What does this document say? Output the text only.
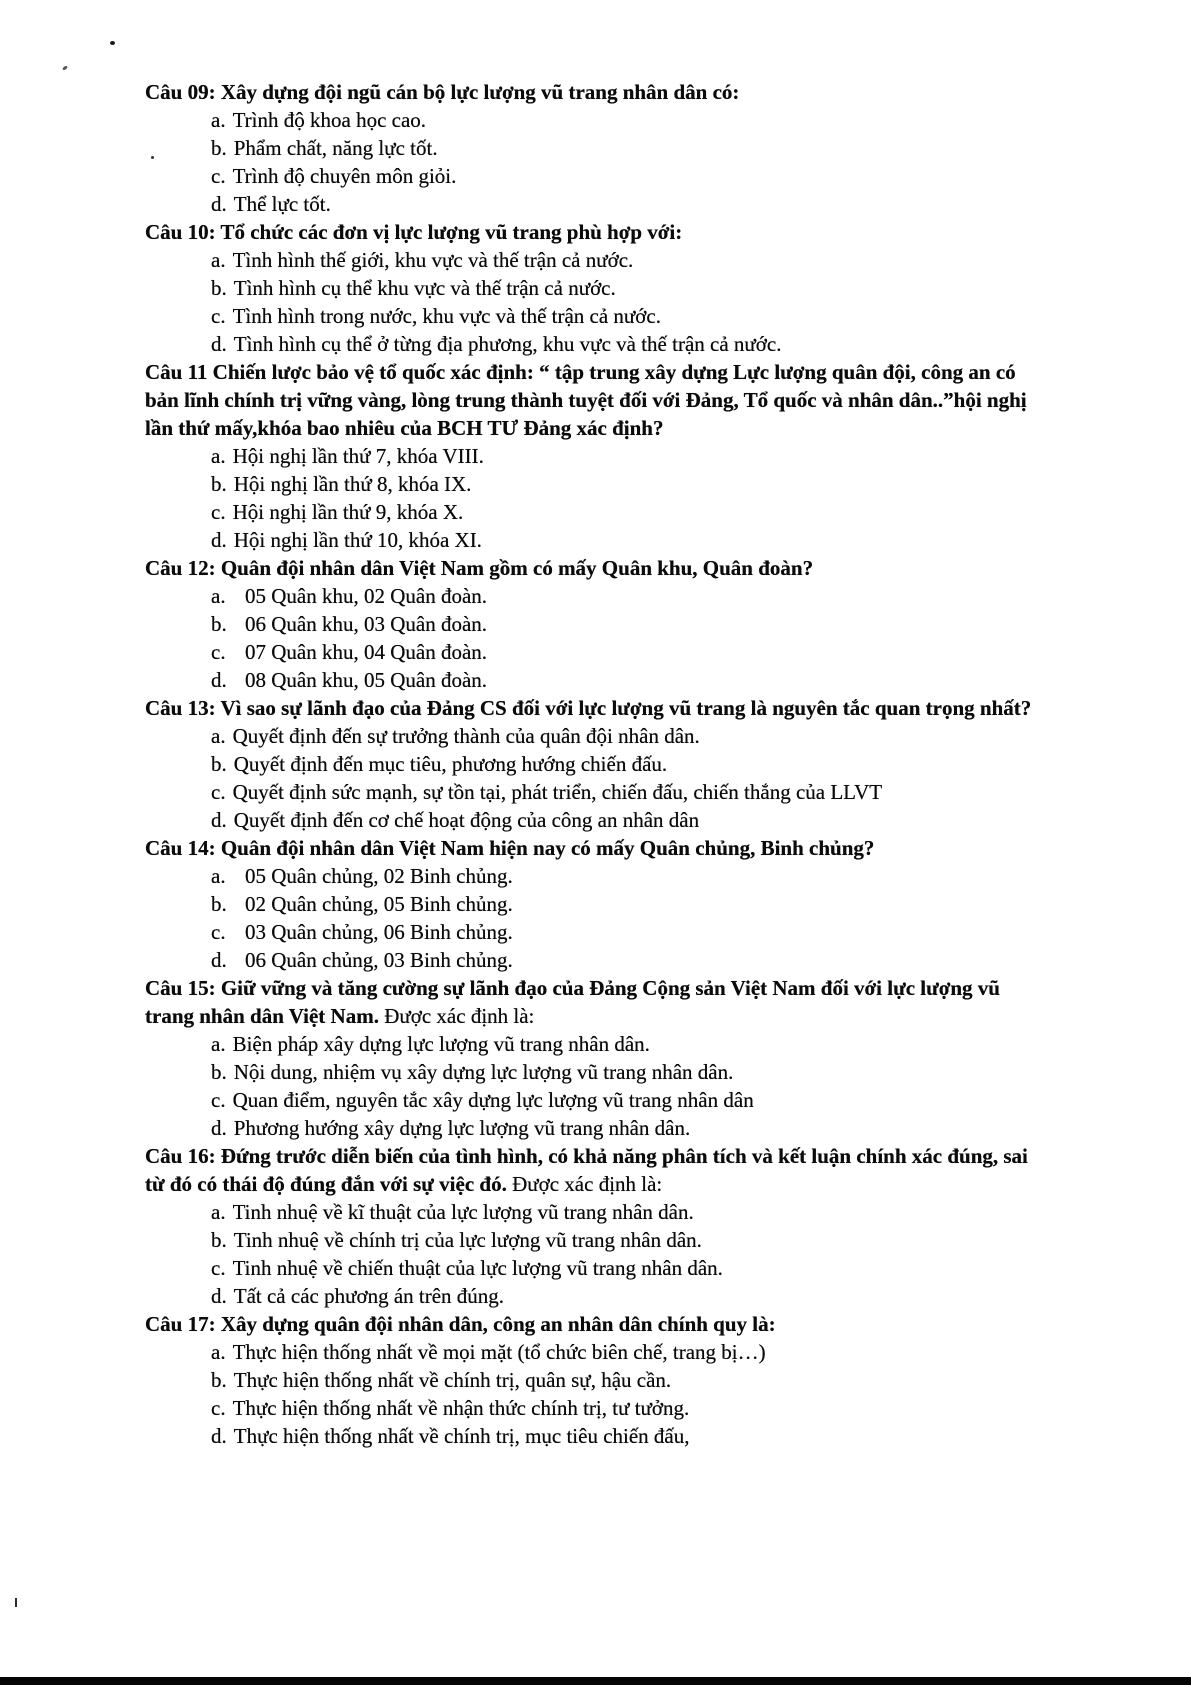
Câu 09: Xây dựng đội ngũ cán bộ lực lượng vũ trang nhân dân có:
a. Trình độ khoa học cao.
b. Phẩm chất, năng lực tốt.
c. Trình độ chuyên môn giỏi.
d. Thể lực tốt.
Câu 10: Tổ chức các đơn vị lực lượng vũ trang phù hợp với:
a. Tình hình thế giới, khu vực và thế trận cả nước.
b. Tình hình cụ thể khu vực và thế trận cả nước.
c. Tình hình trong nước, khu vực và thế trận cả nước.
d. Tình hình cụ thể ở từng địa phương, khu vực và thế trận cả nước.
Câu 11 Chiến lược bảo vệ tổ quốc xác định: “ tập trung xây dựng Lực lượng quân đội, công an có bản lĩnh chính trị vững vàng, lòng trung thành tuyệt đối với Đảng, Tổ quốc và nhân dân..”hội nghị lần thứ mấy,khóa bao nhiêu của BCH TƯ Đảng xác định?
a. Hội nghị lần thứ 7, khóa VIII.
b. Hội nghị lần thứ 8, khóa IX.
c. Hội nghị lần thứ 9, khóa X.
d. Hội nghị lần thứ 10, khóa XI.
Câu 12: Quân đội nhân dân Việt Nam gồm có mấy Quân khu, Quân đoàn?
a. 05 Quân khu, 02 Quân đoàn.
b. 06 Quân khu, 03 Quân đoàn.
c. 07 Quân khu, 04 Quân đoàn.
d. 08 Quân khu, 05 Quân đoàn.
Câu 13: Vì sao sự lãnh đạo của Đảng CS đối với lực lượng vũ trang là nguyên tắc quan trọng nhất?
a. Quyết định đến sự trưởng thành của quân đội nhân dân.
b. Quyết định đến mục tiêu, phương hướng chiến đấu.
c. Quyết định sức mạnh, sự tồn tại, phát triển, chiến đấu, chiến thắng của LLVT
d. Quyết định đến cơ chế hoạt động của công an nhân dân
Câu 14: Quân đội nhân dân Việt Nam hiện nay có mấy Quân chủng, Binh chủng?
a. 05 Quân chủng, 02 Binh chủng.
b. 02 Quân chủng, 05 Binh chủng.
c. 03 Quân chủng, 06 Binh chủng.
d. 06 Quân chủng, 03 Binh chủng.
Câu 15: Giữ vững và tăng cường sự lãnh đạo của Đảng Cộng sản Việt Nam đối với lực lượng vũ trang nhân dân Việt Nam. Được xác định là:
a. Biện pháp xây dựng lực lượng vũ trang nhân dân.
b. Nội dung, nhiệm vụ xây dựng lực lượng vũ trang nhân dân.
c. Quan điểm, nguyên tắc xây dựng lực lượng vũ trang nhân dân
d. Phương hướng xây dựng lực lượng vũ trang nhân dân.
Câu 16: Đứng trước diễn biến của tình hình, có khả năng phân tích và kết luận chính xác đúng, sai từ đó có thái độ đúng đắn với sự việc đó. Được xác định là:
a. Tinh nhuệ về kĩ thuật của lực lượng vũ trang nhân dân.
b. Tinh nhuệ về chính trị của lực lượng vũ trang nhân dân.
c. Tinh nhuệ về chiến thuật của lực lượng vũ trang nhân dân.
d. Tất cả các phương án trên đúng.
Câu 17: Xây dựng quân đội nhân dân, công an nhân dân chính quy là:
a. Thực hiện thống nhất về mọi mặt (tổ chức biên chế, trang bị…)
b. Thực hiện thống nhất về chính trị, quân sự, hậu cần.
c. Thực hiện thống nhất về nhận thức chính trị, tư tưởng.
d. Thực hiện thống nhất về chính trị, mục tiêu chiến đấu,
